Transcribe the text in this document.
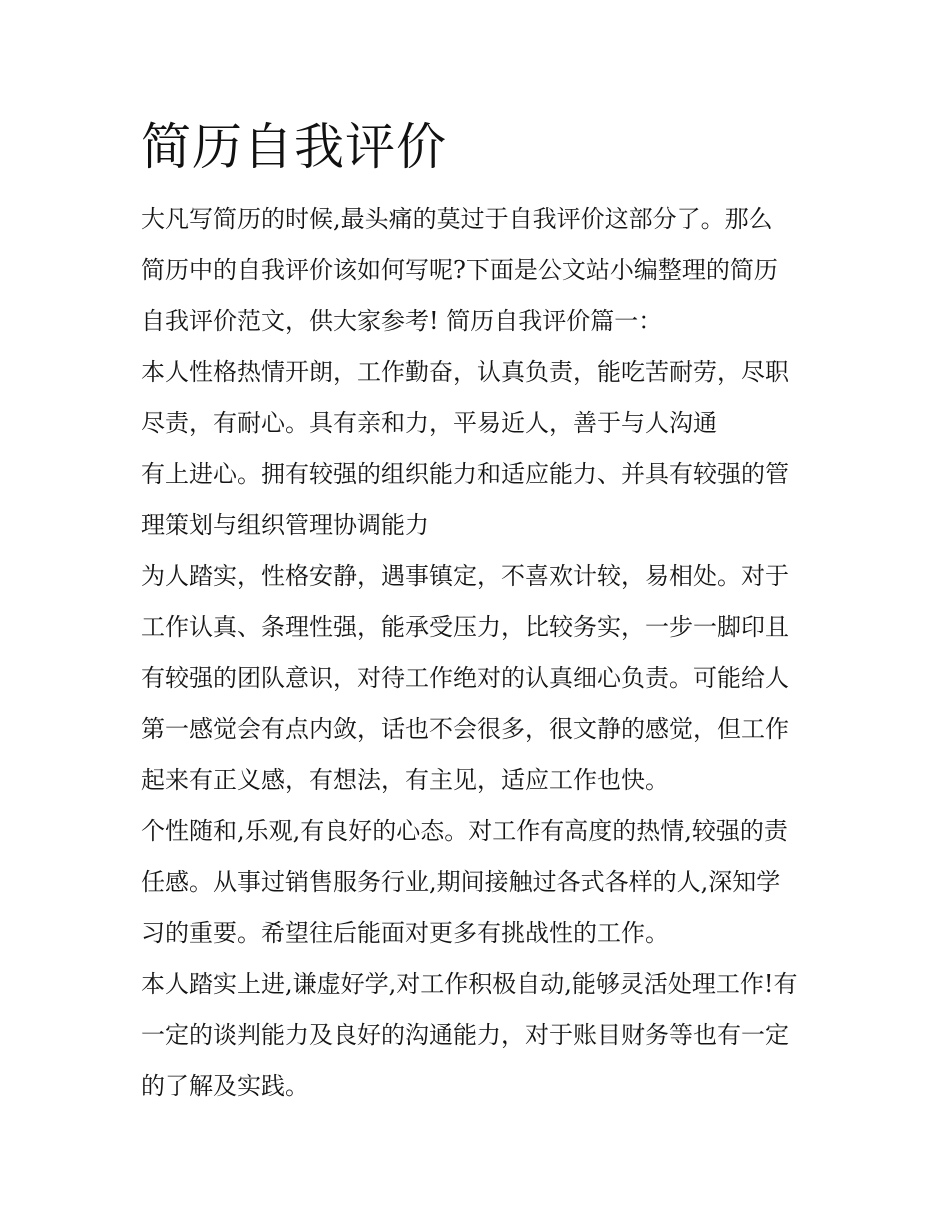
简历自我评价
大凡写简历的时候,最头痛的莫过于自我评价这部分了。那么
简历中的自我评价该如何写呢?下面是公文站小编整理的简历
自我评价范文，供大家参考! 简历自我评价篇一：
本人性格热情开朗，工作勤奋，认真负责，能吃苦耐劳，尽职
尽责，有耐心。具有亲和力，平易近人，善于与人沟通
有上进心。拥有较强的组织能力和适应能力、并具有较强的管
理策划与组织管理协调能力
为人踏实，性格安静，遇事镇定，不喜欢计较，易相处。对于
工作认真、条理性强，能承受压力，比较务实，一步一脚印且
有较强的团队意识，对待工作绝对的认真细心负责。可能给人
第一感觉会有点内敛，话也不会很多，很文静的感觉，但工作
起来有正义感，有想法，有主见，适应工作也快。
个性随和,乐观,有良好的心态。对工作有高度的热情,较强的责
任感。从事过销售服务行业,期间接触过各式各样的人,深知学
习的重要。希望往后能面对更多有挑战性的工作。
本人踏实上进,谦虚好学,对工作积极自动,能够灵活处理工作!有
一定的谈判能力及良好的沟通能力，对于账目财务等也有一定
的了解及实践。
